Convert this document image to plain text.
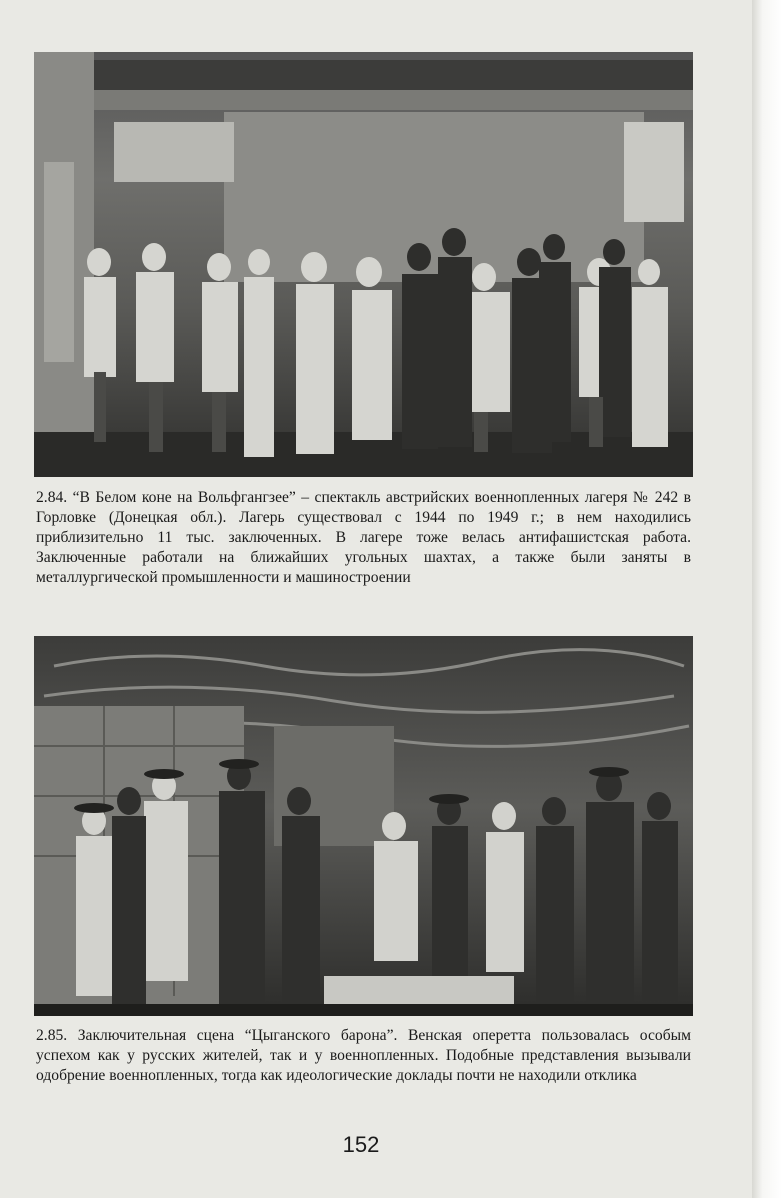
2.84. “В Белом коне на Вольфгангзее” – спектакль австрийских военнопленных лагеря № 242 в Горловке (Донецкая обл.). Лагерь существовал с 1944 по 1949 г.; в нем находились приблизительно 11 тыс. заключенных. В лагере тоже велась антифашистская работа. Заключенные работали на ближайших угольных шахтах, а также были заняты в металлургической промышленности и машиностроении
2.85. Заключительная сцена “Цыганского барона”. Венская оперетта пользовалась особым успехом как у русских жителей, так и у военнопленных. Подобные представления вызывали одобрение военнопленных, тогда как идеологические доклады почти не находили отклика
152
